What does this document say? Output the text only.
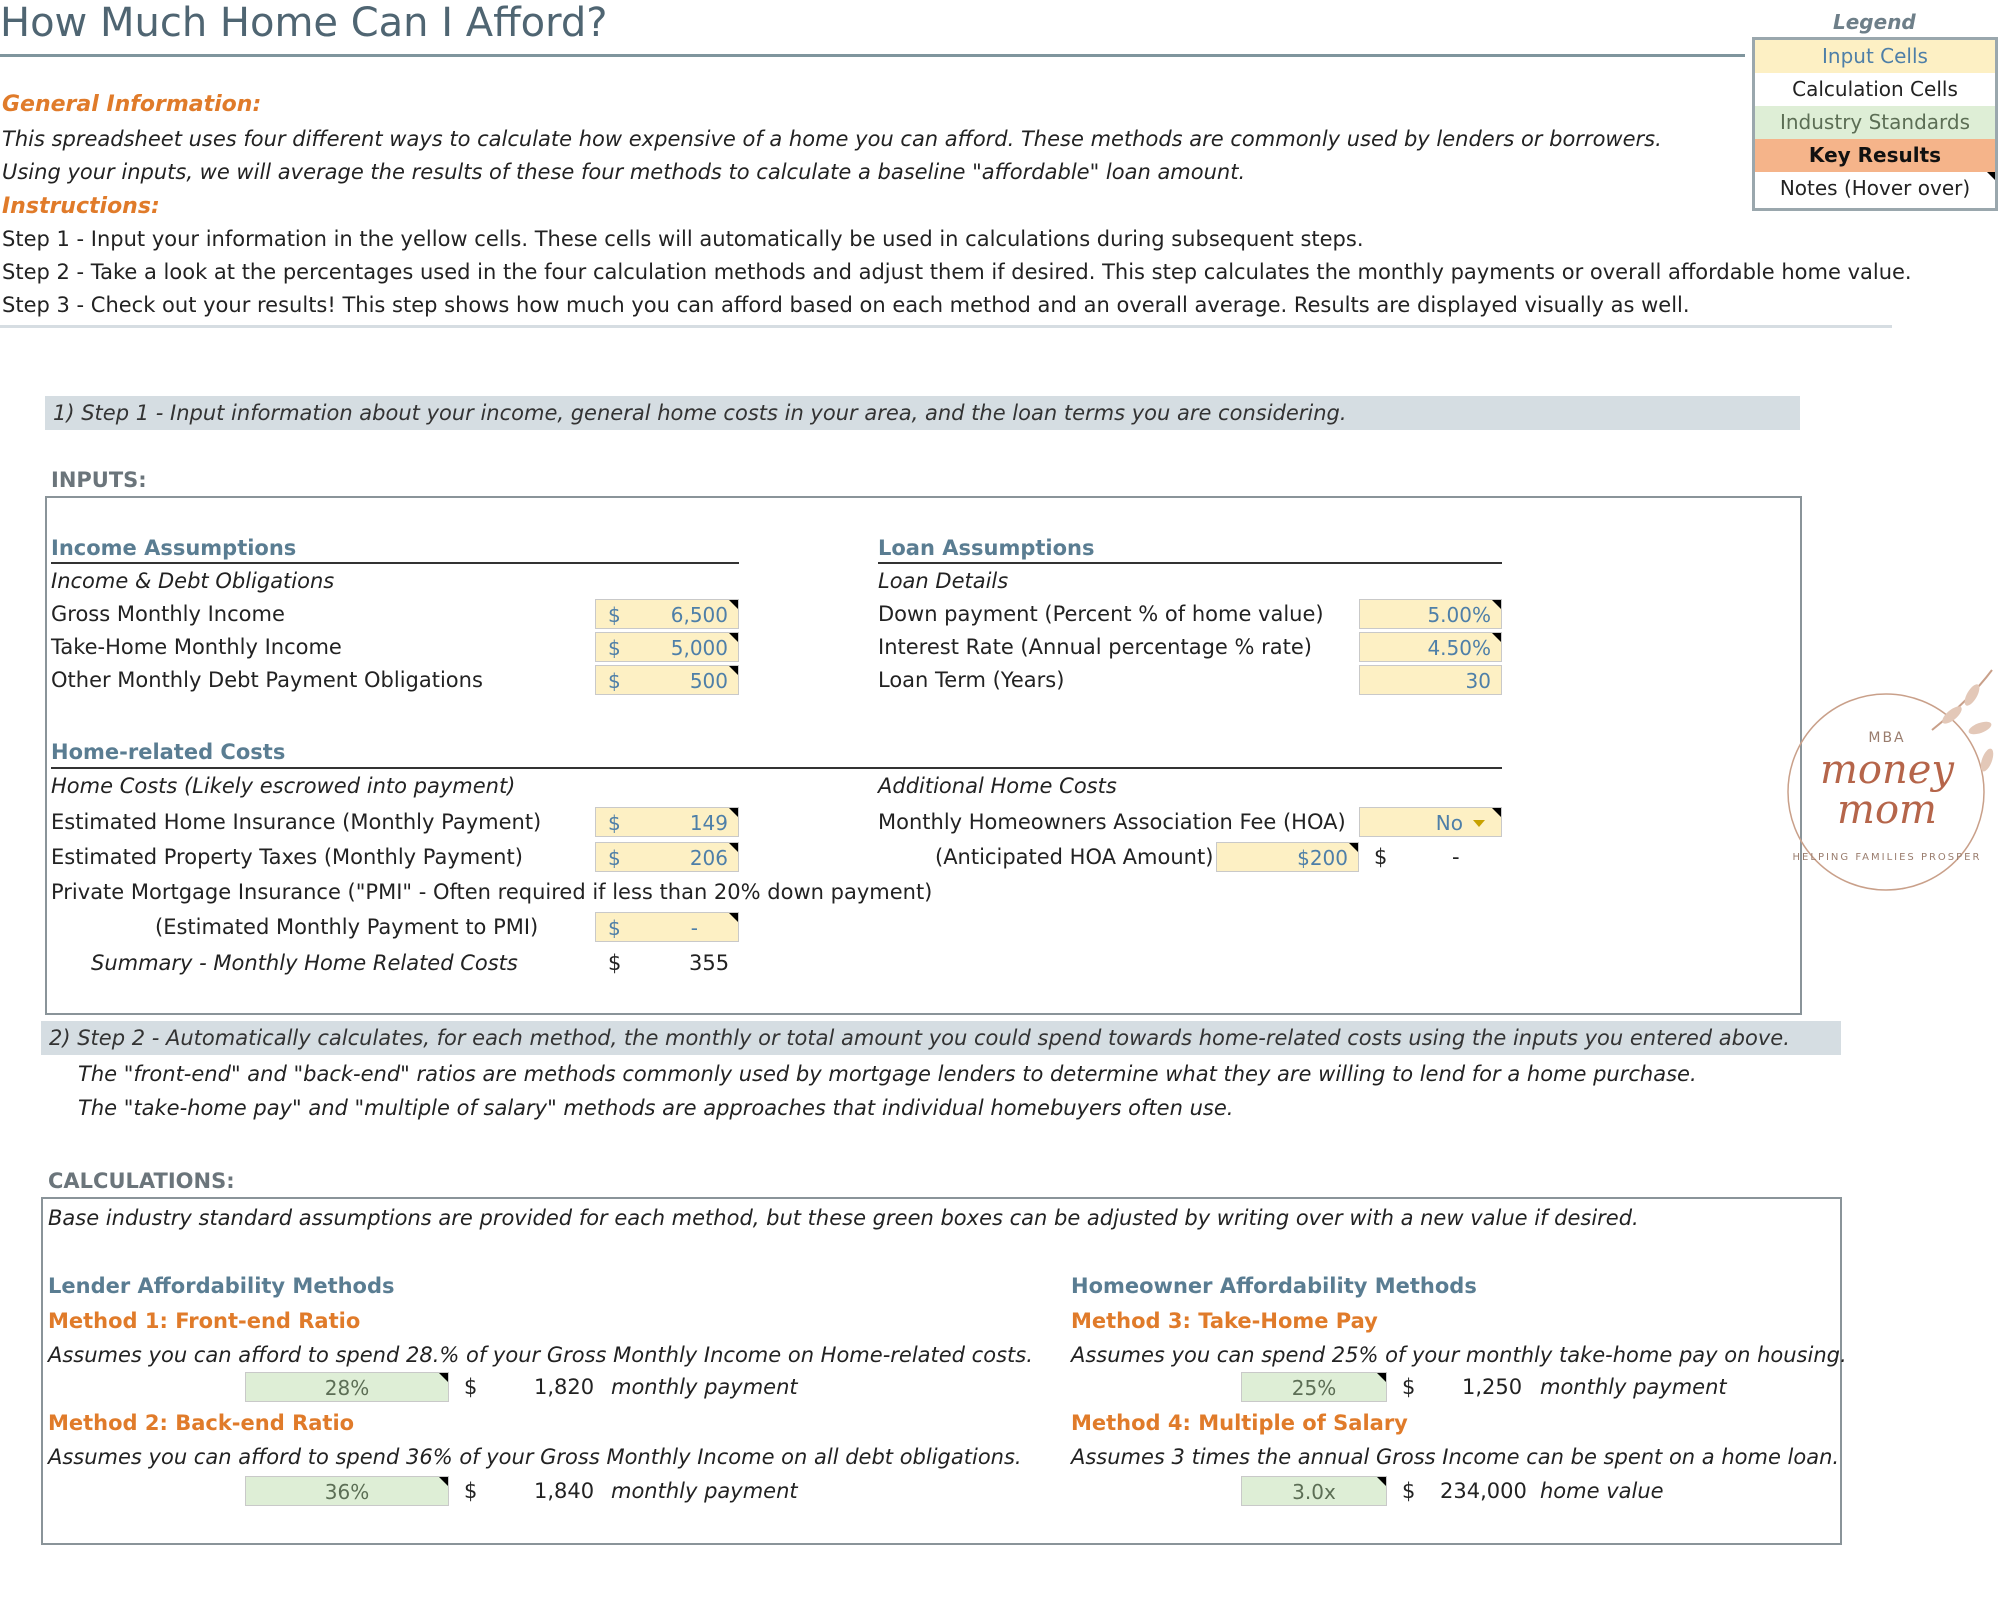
How Much Home Can I Afford?	Legend
Input Cells
Calculation Cells
Industry Standards
Key Results
Notes (Hover over)
General Information:
This spreadsheet uses four different ways to calculate how expensive of a home you can afford. These methods are commonly used by lenders or borrowers.
Using your inputs, we will average the results of these four methods to calculate a baseline "affordable" loan amount.
Instructions:
Step 1 - Input your information in the yellow cells. These cells will automatically be used in calculations during subsequent steps.
Step 2 - Take a look at the percentages used in the four calculation methods and adjust them if desired. This step calculates the monthly payments or overall affordable home value.
Step 3 - Check out your results! This step shows how much you can afford based on each method and an overall average. Results are displayed visually as well.
1) Step 1 - Input information about your income, general home costs in your area, and the loan terms you are considering.
INPUTS:
Income Assumptions
Income & Debt Obligations
Gross Monthly Income	$	6,500
Take-Home Monthly Income	$	5,000
Other Monthly Debt Payment Obligations	$	500
Loan Assumptions
Loan Details
Down payment (Percent % of home value)	5.00%
Interest Rate (Annual percentage % rate)	4.50%
Loan Term (Years)	30
Home-related Costs
Home Costs (Likely escrowed into payment)
Estimated Home Insurance (Monthly Payment)	$	149
Estimated Property Taxes (Monthly Payment)	$	206
Private Mortgage Insurance ("PMI" - Often required if less than 20% down payment)
(Estimated Monthly Payment to PMI)	$	-
Summary - Monthly Home Related Costs	$	355
Additional Home Costs
Monthly Homeowners Association Fee (HOA)	No
(Anticipated HOA Amount)	$200 $	-
2) Step 2 - Automatically calculates, for each method, the monthly or total amount you could spend towards home-related costs using the inputs you entered above.
The "front-end" and "back-end" ratios are methods commonly used by mortgage lenders to determine what they are willing to lend for a home purchase.
The "take-home pay" and "multiple of salary" methods are approaches that individual homebuyers often use.
CALCULATIONS:
Base industry standard assumptions are provided for each method, but these green boxes can be adjusted by writing over with a new value if desired.
Lender Affordability Methods	Homeowner Affordability Methods
Method 1: Front-end Ratio
Assumes you can afford to spend 28.% of your Gross Monthly Income on Home-related costs.
28%	$	1,820 monthly payment
Method 2: Back-end Ratio
Assumes you can afford to spend 36% of your Gross Monthly Income on all debt obligations.
36%	$	1,840 monthly payment
Method 3: Take-Home Pay
Assumes you can spend 25% of your monthly take-home pay on housing.
25%	$ 1,250 monthly payment
Method 4: Multiple of Salary
Assumes 3 times the annual Gross Income can be spent on a home loan.
3.0x	$ 234,000 home value
MBA
money
mom
HELPING FAMILIES PROSPER
